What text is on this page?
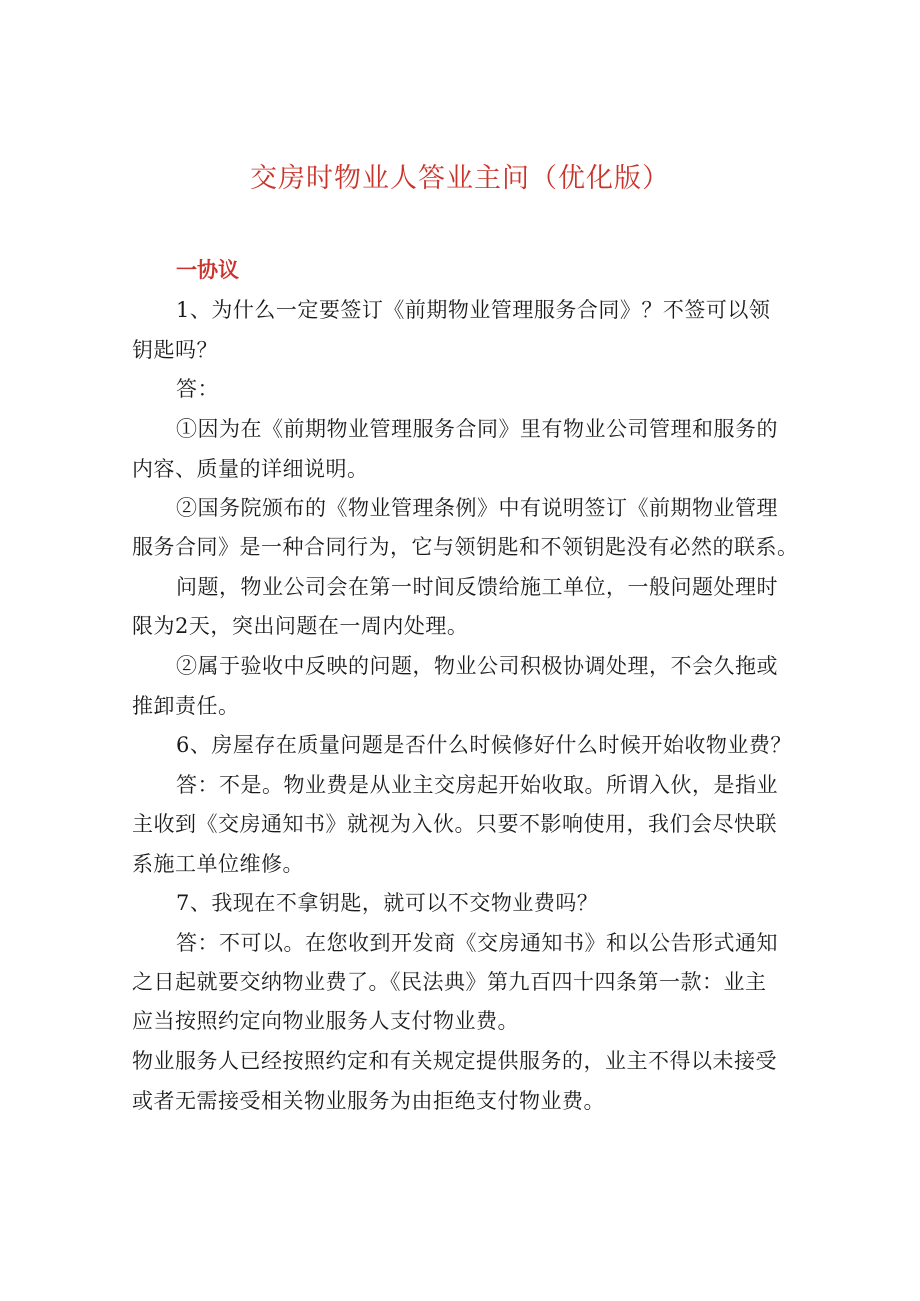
交房时物业人答业主问（优化版）
一协议
1、为什么一定要签订《前期物业管理服务合同》？不签可以领
钥匙吗？
答：
①因为在《前期物业管理服务合同》里有物业公司管理和服务的
内容、质量的详细说明。
②国务院颁布的《物业管理条例》中有说明签订《前期物业管理
服务合同》是一种合同行为，它与领钥匙和不领钥匙没有必然的联系。
问题，物业公司会在第一时间反馈给施工单位，一般问题处理时
限为2天，突出问题在一周内处理。
②属于验收中反映的问题，物业公司积极协调处理，不会久拖或
推卸责任。
6、房屋存在质量问题是否什么时候修好什么时候开始收物业费？
答：不是。物业费是从业主交房起开始收取。所谓入伙，是指业
主收到《交房通知书》就视为入伙。只要不影响使用，我们会尽快联
系施工单位维修。
7、我现在不拿钥匙，就可以不交物业费吗？
答：不可以。在您收到开发商《交房通知书》和以公告形式通知
之日起就要交纳物业费了。《民法典》第九百四十四条第一款：业主
应当按照约定向物业服务人支付物业费。
物业服务人已经按照约定和有关规定提供服务的，业主不得以未接受
或者无需接受相关物业服务为由拒绝支付物业费。
